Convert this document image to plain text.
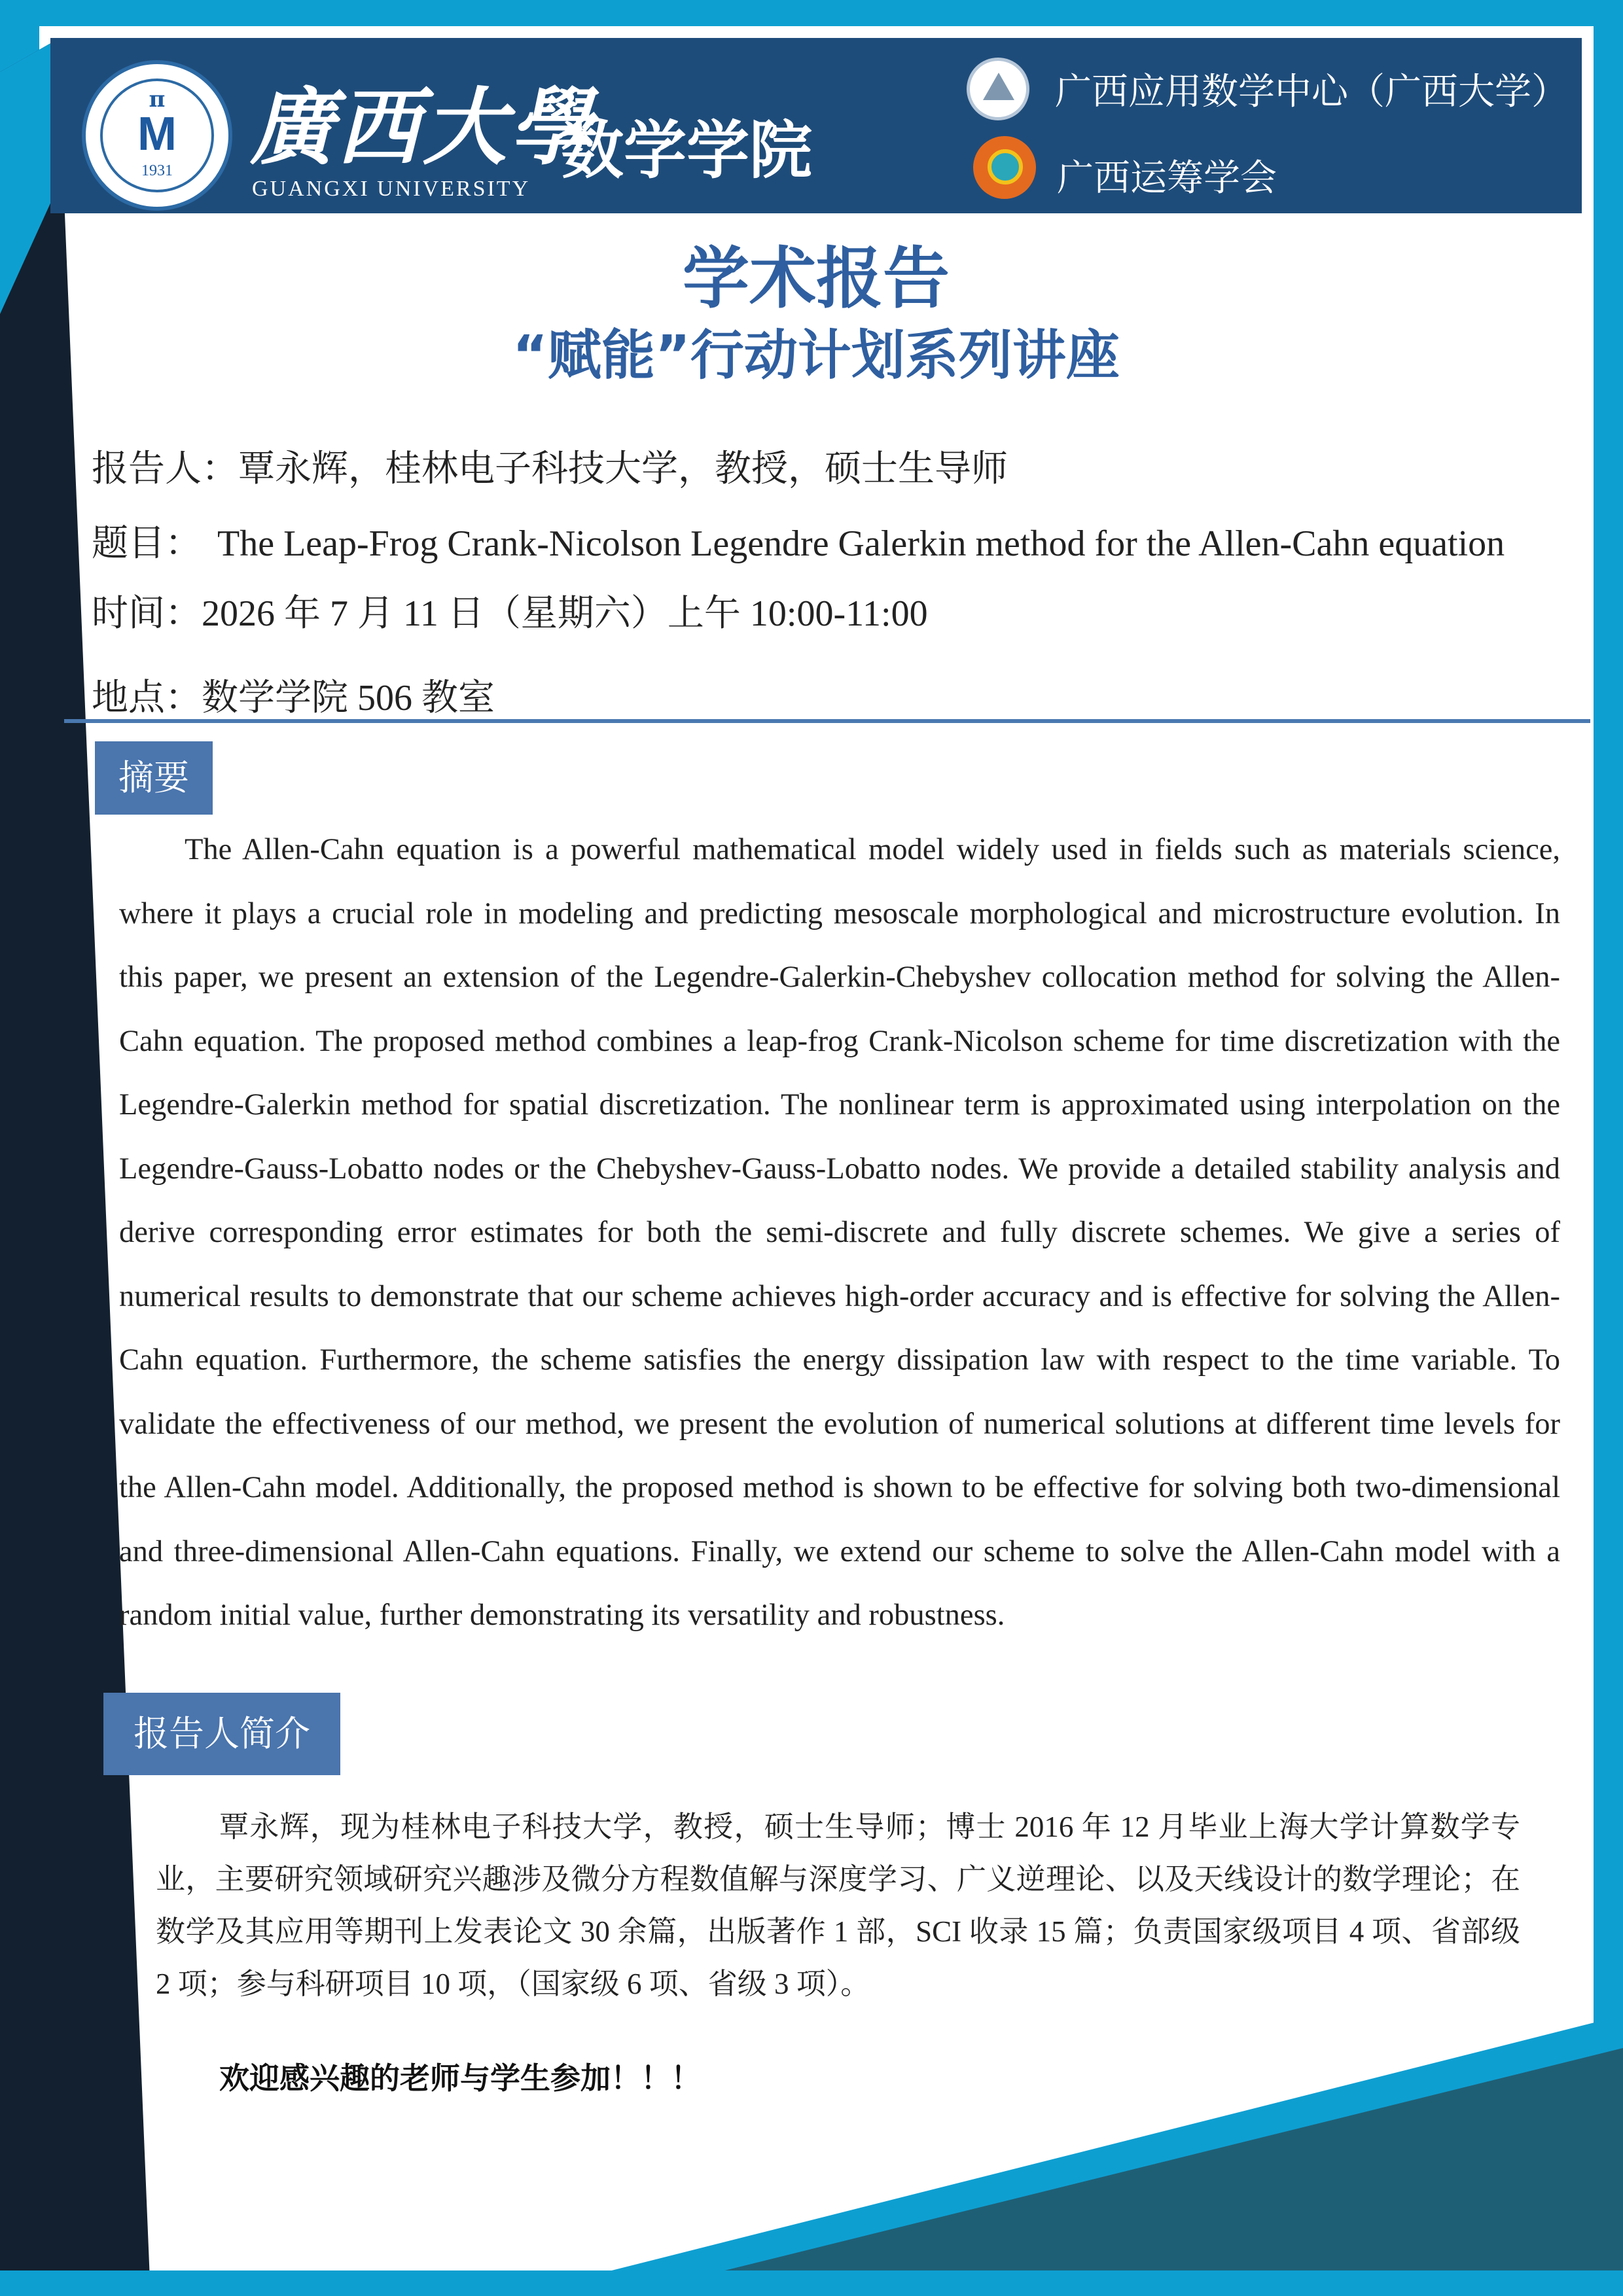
π
M
1931 廣西大學
GUANGXI UNIVERSITY
数学学院
广西应用数学中心（广西大学）
广西运筹学会
学术报告
“赋能”行动计划系列讲座
报告人：覃永辉，桂林电子科技大学，教授，硕士生导师
题目： The Leap-Frog Crank-Nicolson Legendre Galerkin method for the Allen-Cahn equation
时间：2026 年 7 月 11 日（星期六）上午 10:00-11:00
地点：数学学院 506 教室
摘要
The Allen-Cahn equation is a powerful mathematical model widely used in fields such as materials science, where it plays a crucial role in modeling and predicting mesoscale morphological and microstructure evolution. In this paper, we present an extension of the Legendre-Galerkin-Chebyshev collocation method for solving the Allen-Cahn equation. The proposed method combines a leap-frog Crank-Nicolson scheme for time discretization with the Legendre-Galerkin method for spatial discretization. The nonlinear term is approximated using interpolation on the Legendre-Gauss-Lobatto nodes or the Chebyshev-Gauss-Lobatto nodes. We provide a detailed stability analysis and derive corresponding error estimates for both the semi-discrete and fully discrete schemes. We give a series of numerical results to demonstrate that our scheme achieves high-order accuracy and is effective for solving the Allen-Cahn equation. Furthermore, the scheme satisfies the energy dissipation law with respect to the time variable. To validate the effectiveness of our method, we present the evolution of numerical solutions at different time levels for the Allen-Cahn model. Additionally, the proposed method is shown to be effective for solving both two-dimensional and three-dimensional Allen-Cahn equations. Finally, we extend our scheme to solve the Allen-Cahn model with a random initial value, further demonstrating its versatility and robustness.
报告人简介
覃永辉，现为桂林电子科技大学，教授，硕士生导师；博士 2016 年 12 月毕业上海大学计算数学专业，主要研究领域研究兴趣涉及微分方程数值解与深度学习、广义逆理论、以及天线设计的数学理论；在数学及其应用等期刊上发表论文 30 余篇，出版著作 1 部，SCI 收录 15 篇；负责国家级项目 4 项、省部级 2 项；参与科研项目 10 项，（国家级 6 项、省级 3 项）。
欢迎感兴趣的老师与学生参加！！！
